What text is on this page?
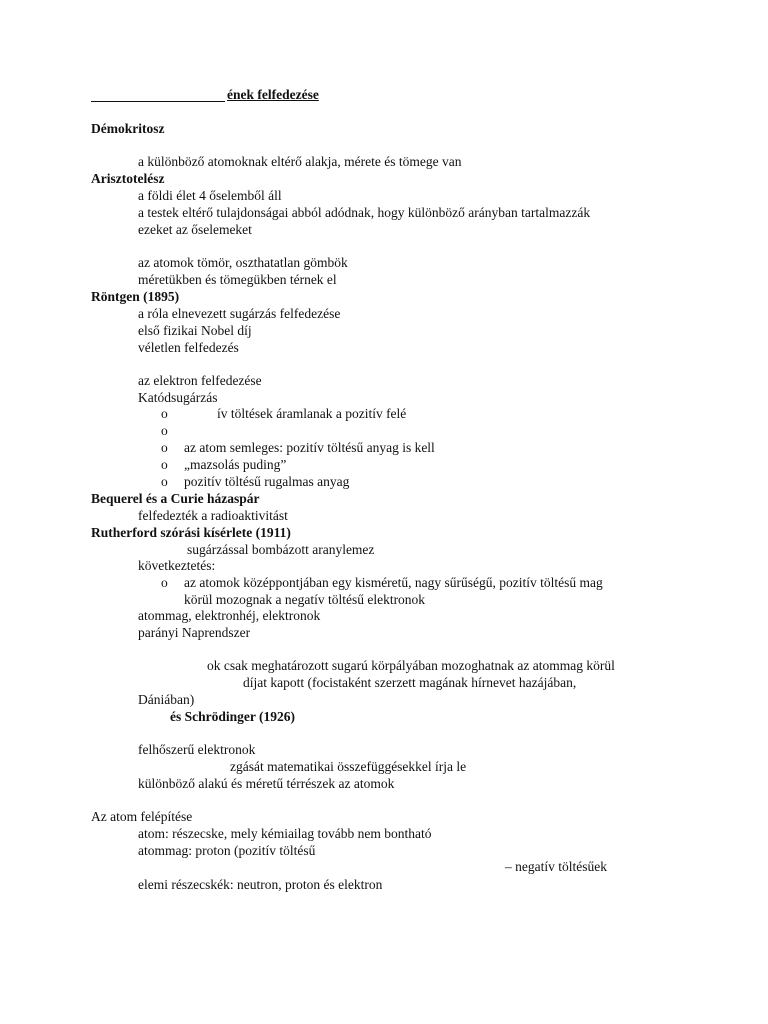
ének felfedezése
Démokritosz
a különböző atomoknak eltérő alakja, mérete és tömege van
Arisztotelész
a földi élet 4 őselemből áll
a testek eltérő tulajdonságai abból adódnak, hogy különböző arányban tartalmazzák
ezeket az őselemeket
az atomok tömör, oszthatatlan gömbök
méretükben és tömegükben térnek el
Röntgen (1895)
a róla elnevezett sugárzás felfedezése
első fizikai Nobel díj
véletlen felfedezés
az elektron felfedezése
Katódsugárzás
o	ív töltések áramlanak a pozitív felé
o
o az atom semleges: pozitív töltésű anyag is kell
o „mazsolás puding”
o pozitív töltésű rugalmas anyag
Bequerel és a Curie házaspár
felfedezték a radioaktivitást
Rutherford szórási kísérlete (1911)
sugárzással bombázott aranylemez
következtetés:
o az atomok középpontjában egy kisméretű, nagy sűrűségű, pozitív töltésű mag
körül mozognak a negatív töltésű elektronok
atommag, elektronhéj, elektronok
parányi Naprendszer
ok csak meghatározott sugarú körpályában mozoghatnak az atommag körül
díjat kapott (focistaként szerzett magának hírnevet hazájában,
Dániában)
és Schrödinger (1926)
felhőszerű elektronok
zgását matematikai összefüggésekkel írja le
különböző alakú és méretű térrészek az atomok
Az atom felépítése
atom: részecske, mely kémiailag tovább nem bontható
atommag: proton (pozitív töltésű
– negatív töltésűek
elemi részecskék: neutron, proton és elektron
